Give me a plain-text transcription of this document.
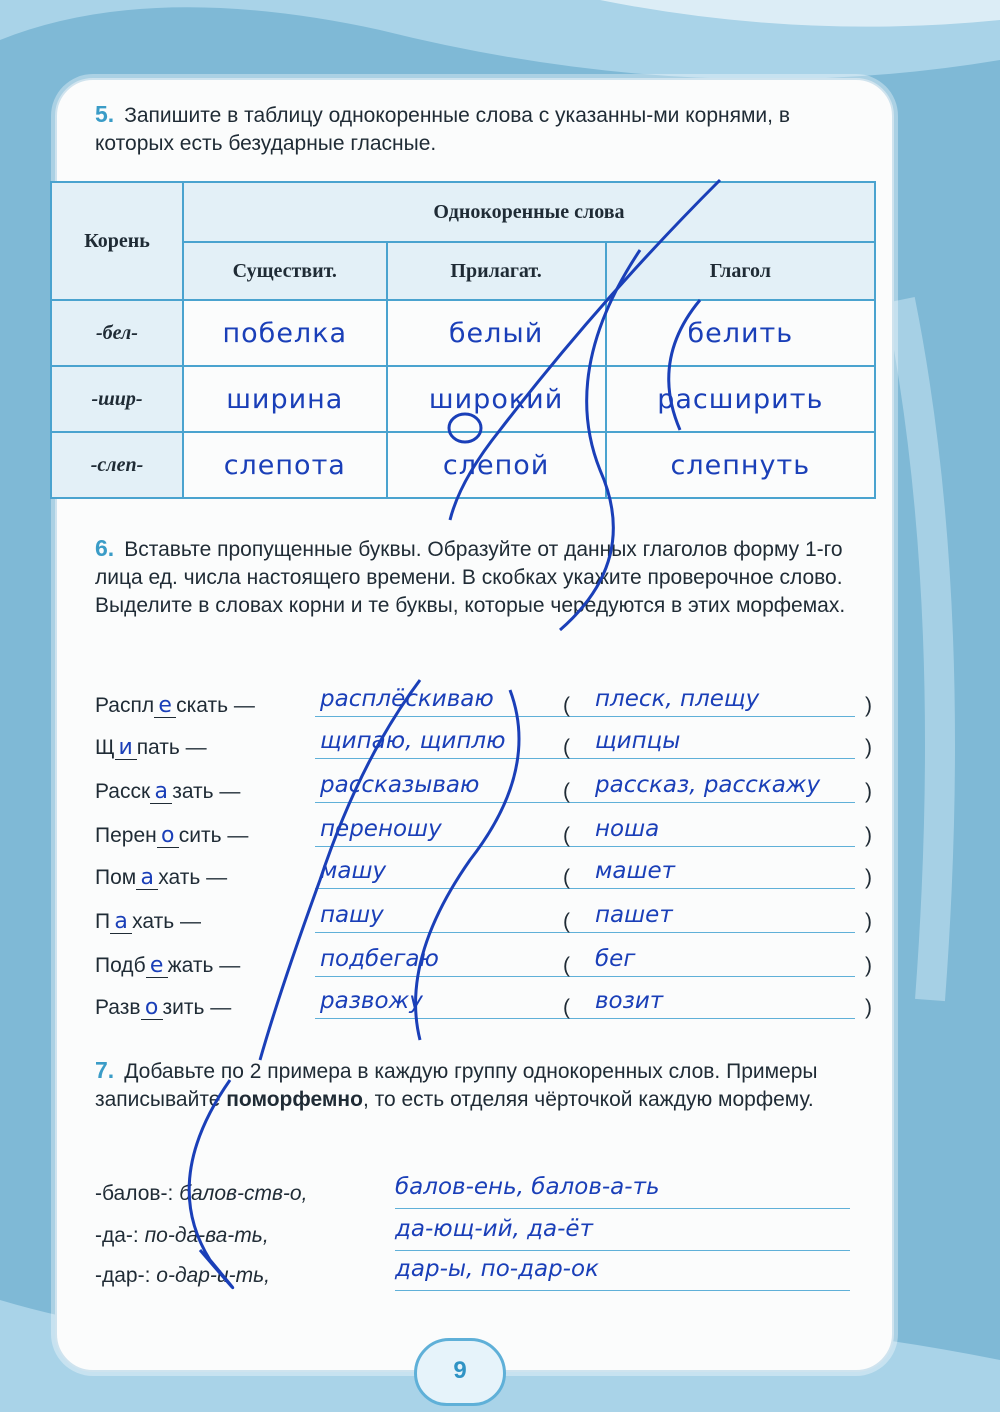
5. Запишите в таблицу однокоренные слова с указанны-ми корнями, в которых есть безударные гласные.
Корень	Однокоренные слова		
	Существит.	Прилагат.	Глагол
-бел-	побелка	белый	белить
-шир-	ширина	широкий	расширить
-слеп-	слепота	слепой	слепнуть
6. Вставьте пропущенные буквы. Образуйте от данных глаголов форму 1-го лица ед. числа настоящего времени. В скобках укажите проверочное слово. Выделите в словах корни и те буквы, которые чередуются в этих морфемах.
Распл е скать —	расплёскиваю	( плеск, плещу	)
Щ и пать —	щипаю, щиплю	( щипцы	)
Расск а зать —	рассказываю	( рассказ, расскажу	)
Перен о сить —	переношу	( ноша	)
Пом а хать —	машу	( машет	)
П а хать —	пашу	( пашет	)
Подб е жать —	подбегаю	( бег	)
Разв о зить —	развожу	( возит	)
7. Добавьте по 2 примера в каждую группу однокоренных слов. Примеры записывайте поморфемно, то есть отделяя чёрточкой каждую морфему.
-балов-: балов-ств-о,	балов-ень, балов-а-ть
-да-: по-да-ва-ть,	да-ющ-ий, да-ёт
-дар-: о-дар-и-ть,	дар-ы, по-дар-ок
9
